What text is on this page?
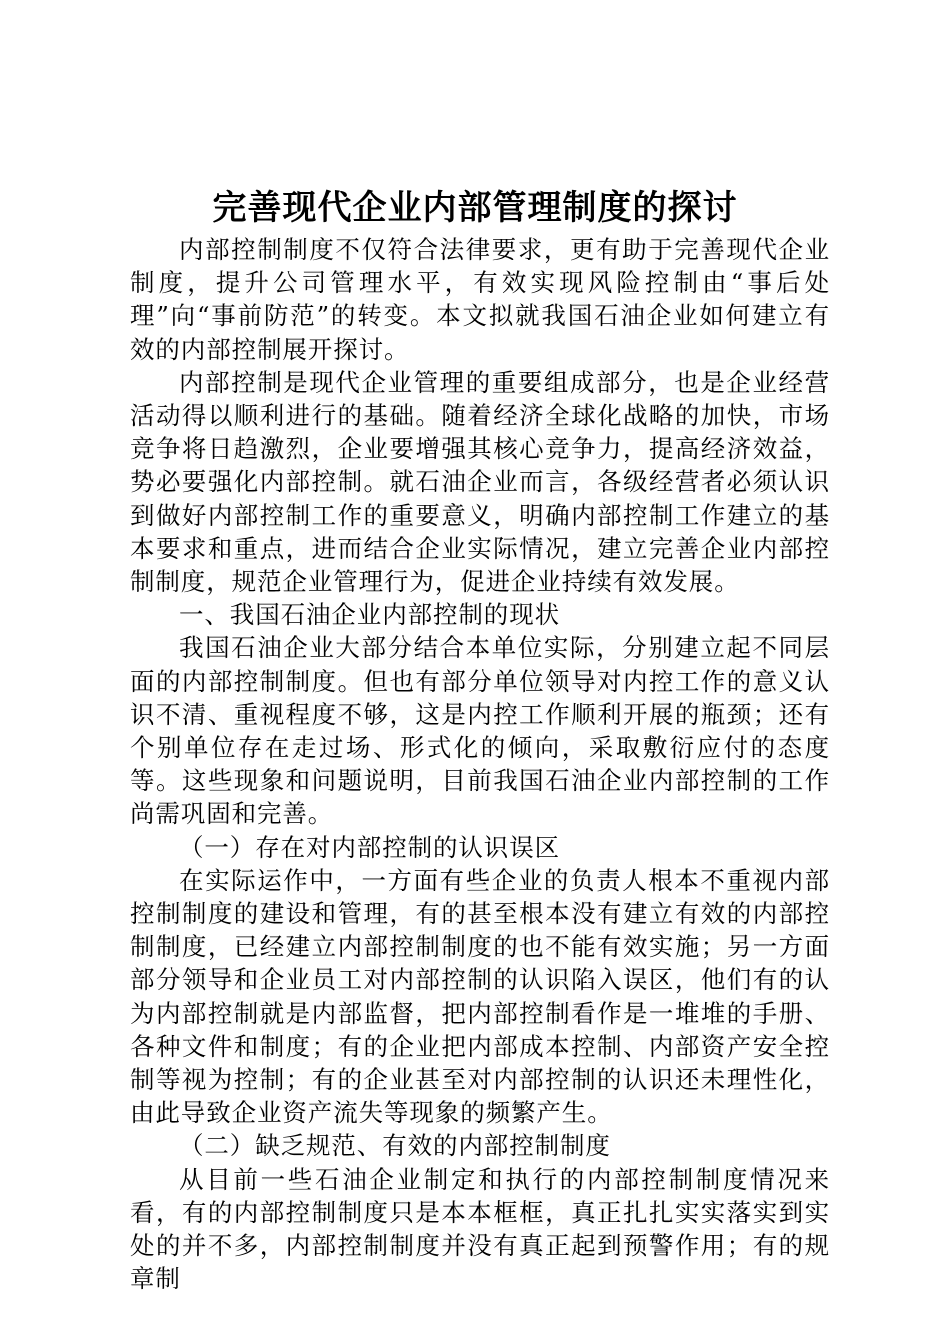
完善现代企业内部管理制度的探讨

内部控制制度不仅符合法律要求，更有助于完善现代企业制度，提升公司管理水平，有效实现风险控制由“事后处理”向“事前防范”的转变。本文拟就我国石油企业如何建立有效的内部控制展开探讨。

内部控制是现代企业管理的重要组成部分，也是企业经营活动得以顺利进行的基础。随着经济全球化战略的加快，市场竞争将日趋激烈，企业要增强其核心竞争力，提高经济效益，势必要强化内部控制。就石油企业而言，各级经营者必须认识到做好内部控制工作的重要意义，明确内部控制工作建立的基本要求和重点，进而结合企业实际情况，建立完善企业内部控制制度，规范企业管理行为，促进企业持续有效发展。

一、我国石油企业内部控制的现状

我国石油企业大部分结合本单位实际，分别建立起不同层面的内部控制制度。但也有部分单位领导对内控工作的意义认识不清、重视程度不够，这是内控工作顺利开展的瓶颈；还有个别单位存在走过场、形式化的倾向，采取敷衍应付的态度等。这些现象和问题说明，目前我国石油企业内部控制的工作尚需巩固和完善。

（一）存在对内部控制的认识误区

在实际运作中，一方面有些企业的负责人根本不重视内部控制制度的建设和管理，有的甚至根本没有建立有效的内部控制制度，已经建立内部控制制度的也不能有效实施；另一方面部分领导和企业员工对内部控制的认识陷入误区，他们有的认为内部控制就是内部监督，把内部控制看作是一堆堆的手册、各种文件和制度；有的企业把内部成本控制、内部资产安全控制等视为控制；有的企业甚至对内部控制的认识还未理性化，由此导致企业资产流失等现象的频繁产生。

（二）缺乏规范、有效的内部控制制度

从目前一些石油企业制定和执行的内部控制制度情况来看，有的内部控制制度只是本本框框，真正扎扎实实落实到实处的并不多，内部控制制度并没有真正起到预警作用；有的规章制
